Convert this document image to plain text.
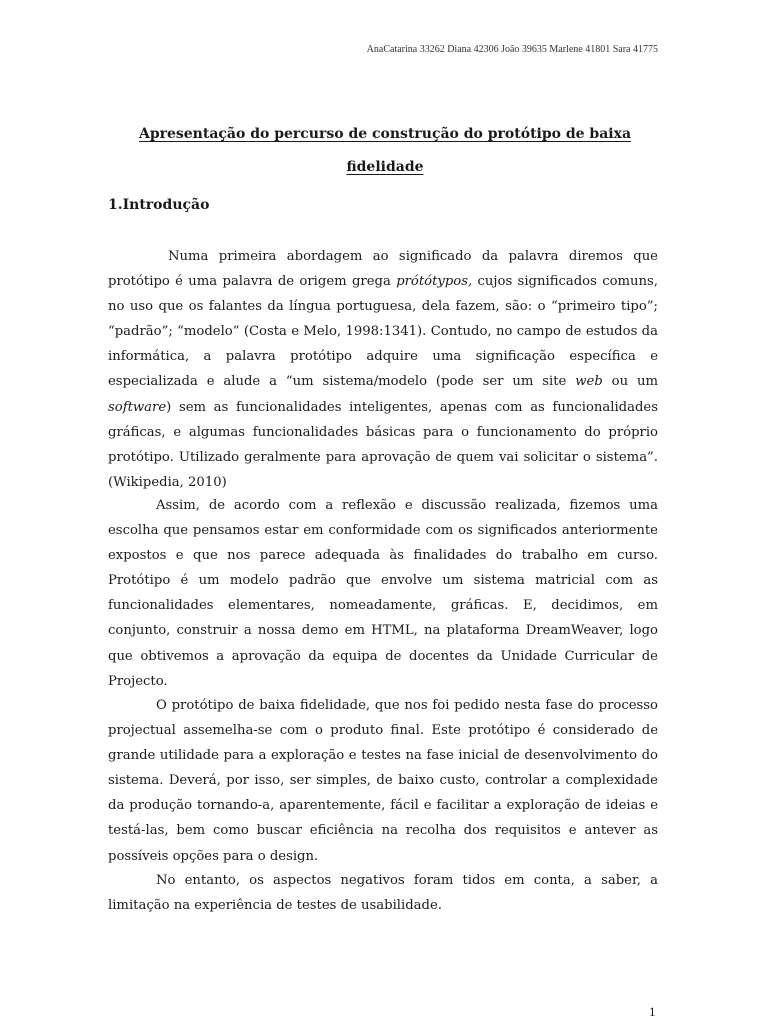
AnaCatarina 33262 Diana 42306 João 39635 Marlene 41801 Sara 41775
Apresentação do percurso de construção do protótipo de baixa fidelidade
1.Introdução

Numa primeira abordagem ao significado da palavra diremos que protótipo é uma palavra de origem grega prótótypos, cujos significados comuns, no uso que os falantes da língua portuguesa, dela fazem, são: o “primeiro tipo”; “padrão”; “modelo” (Costa e Melo, 1998:1341). Contudo, no campo de estudos da informática, a palavra protótipo adquire uma significação específica e especializada e alude a “um sistema/modelo (pode ser um site web ou um software) sem as funcionalidades inteligentes, apenas com as funcionalidades gráficas, e algumas funcionalidades básicas para o funcionamento do próprio protótipo. Utilizado geralmente para aprovação de quem vai solicitar o sistema”. (Wikipedia, 2010)

Assim, de acordo com a reflexão e discussão realizada, fizemos uma escolha que pensamos estar em conformidade com os significados anteriormente expostos e que nos parece adequada às finalidades do trabalho em curso. Protótipo é um modelo padrão que envolve um sistema matricial com as funcionalidades elementares, nomeadamente, gráficas. E, decidimos, em conjunto, construir a nossa demo em HTML, na plataforma DreamWeaver, logo que obtivemos a aprovação da equipa de docentes da Unidade Curricular de Projecto.

O protótipo de baixa fidelidade, que nos foi pedido nesta fase do processo projectual assemelha-se com o produto final. Este protótipo é considerado de grande utilidade para a exploração e testes na fase inicial de desenvolvimento do sistema. Deverá, por isso, ser simples, de baixo custo, controlar a complexidade da produção tornando-a, aparentemente, fácil e facilitar a exploração de ideias e testá-las, bem como buscar eficiência na recolha dos requisitos e antever as possíveis opções para o design.

No entanto, os aspectos negativos foram tidos em conta, a saber, a limitação na experiência de testes de usabilidade.

1
